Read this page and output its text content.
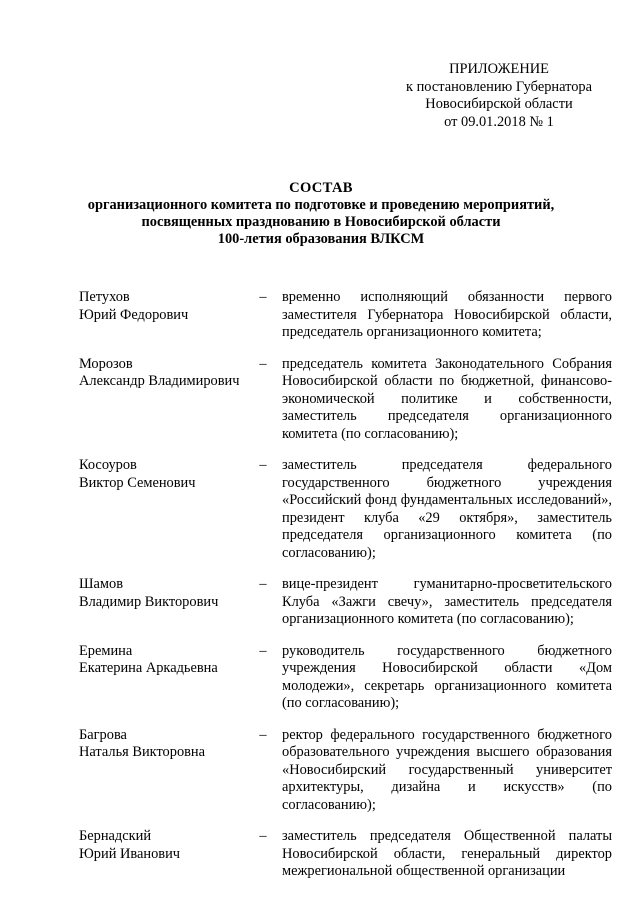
ПРИЛОЖЕНИЕ
к постановлению Губернатора
Новосибирской области
от 09.01.2018 № 1
СОСТАВ
организационного комитета по подготовке и проведению мероприятий,
посвященных празднованию в Новосибирской области
100-летия образования ВЛКСМ
Петухов
Юрий Федорович
– временно исполняющий обязанности первого заместителя Губернатора Новосибирской области, председатель организационного комитета;
Морозов
Александр Владимирович
– председатель комитета Законодательного Собрания Новосибирской области по бюджетной, финансово-экономической политике и собственности, заместитель председателя организационного комитета (по согласованию);
Косоуров
Виктор Семенович
– заместитель председателя федерального государственного бюджетного учреждения «Российский фонд фундаментальных исследований», президент клуба «29 октября», заместитель председателя организационного комитета (по согласованию);
Шамов
Владимир Викторович
– вице-президент гуманитарно-просветительского Клуба «Зажги свечу», заместитель председателя организационного комитета (по согласованию);
Еремина
Екатерина Аркадьевна
– руководитель государственного бюджетного учреждения Новосибирской области «Дом молодежи», секретарь организационного комитета (по согласованию);
Багрова
Наталья Викторовна
– ректор федерального государственного бюджетного образовательного учреждения высшего образования «Новосибирский государственный университет архитектуры, дизайна и искусств» (по согласованию);
Бернадский
Юрий Иванович
– заместитель председателя Общественной палаты Новосибирской области, генеральный директор межрегиональной общественной организации
